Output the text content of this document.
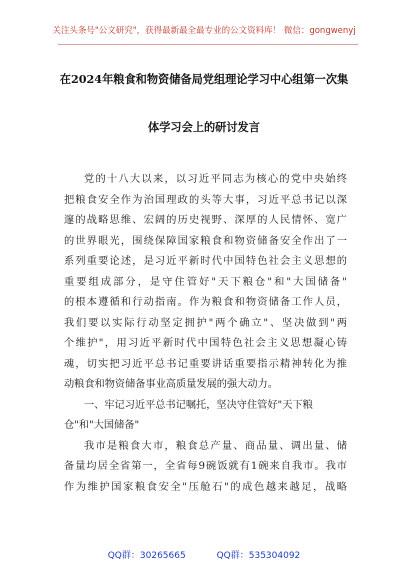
关注头条号"公文研究"，获得最新最全最专业的公文资料库！ 微信：gongwenyj
在2024年粮食和物资储备局党组理论学习中心组第一次集
体学习会上的研讨发言
党的十八大以来，以习近平同志为核心的党中央始终
把粮食安全作为治国理政的头等大事，习近平总书记以深
邃的战略思维、宏阔的历史视野、深厚的人民情怀、宽广
的世界眼光，围绕保障国家粮食和物资储备安全作出了一
系列重要论述，是习近平新时代中国特色社会主义思想的
重要组成部分，是守住管好"天下粮仓"和"大国储备"
的根本遵循和行动指南。作为粮食和物资储备工作人员，
我们要以实际行动坚定拥护"两个确立"、坚决做到"两
个维护"，用习近平新时代中国特色社会主义思想凝心铸
魂，切实把习近平总书记重要讲话重要指示精神转化为推
动粮食和物资储备事业高质量发展的强大动力。
一、牢记习近平总书记嘱托，坚决守住管好"天下粮
仓"和"大国储备"
我市是粮食大市，粮食总产量、商品量、调出量、储
备量均居全省第一，全省每9碗饭就有1碗来自我市。我市
作为维护国家粮食安全"压舱石"的成色越来越足，战略
QQ群：30265665	QQ群：535304092
